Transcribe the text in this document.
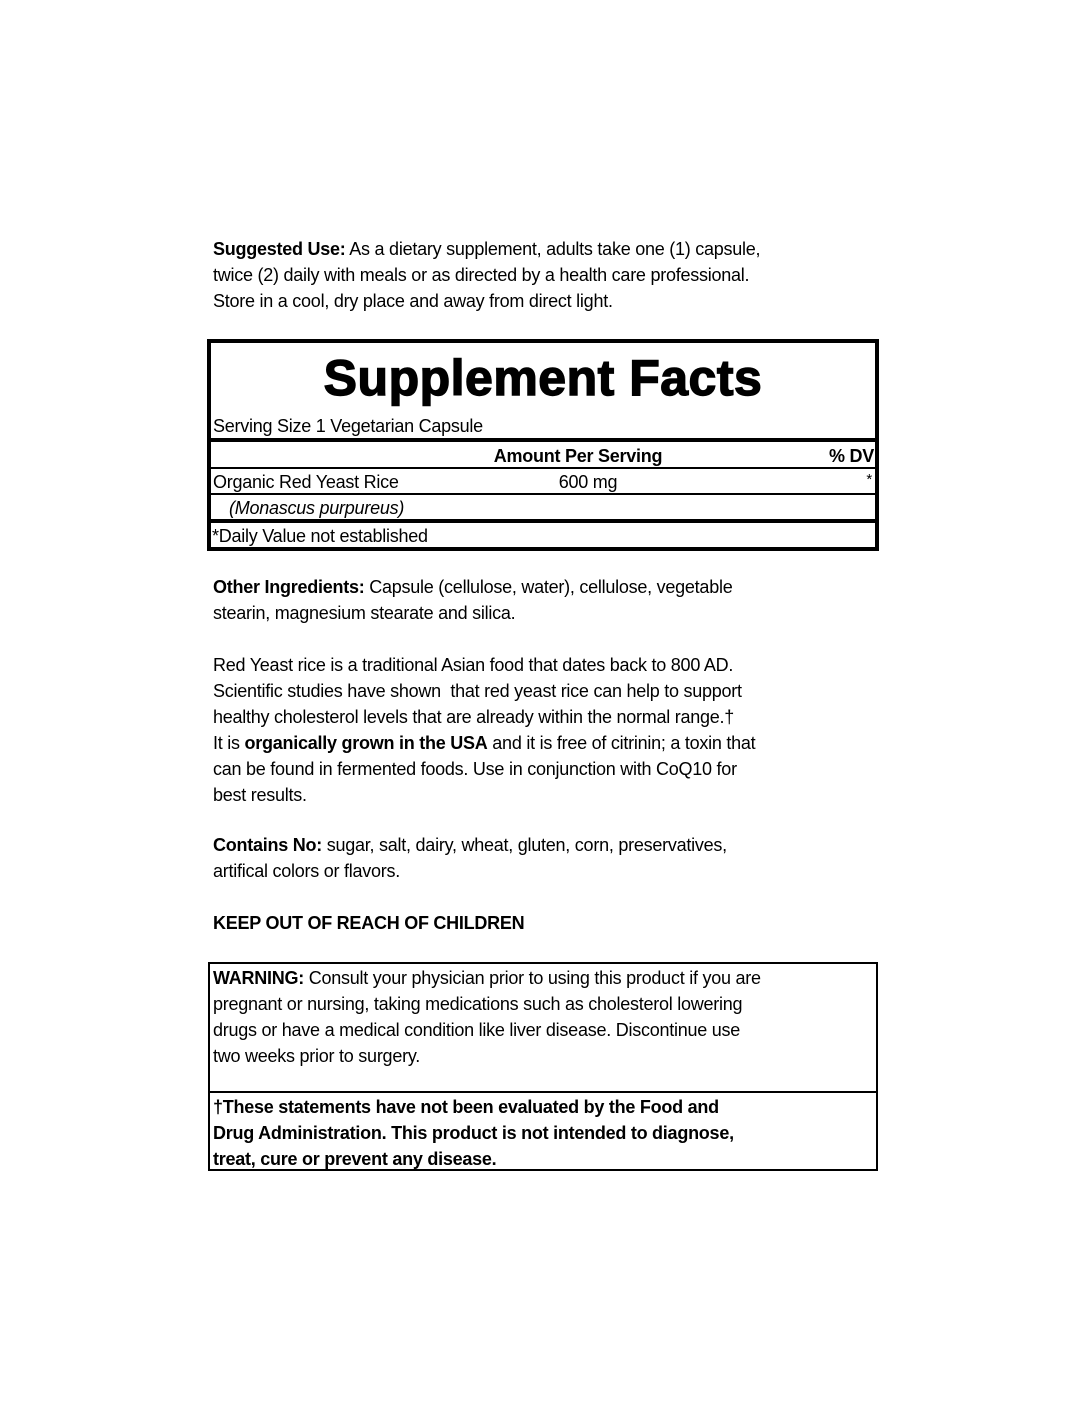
Suggested Use: As a dietary supplement, adults take one (1) capsule,
twice (2) daily with meals or as directed by a health care professional.
Store in a cool, dry place and away from direct light.
Supplement Facts
Serving Size 1 Vegetarian Capsule
Amount Per Serving	% DV
Organic Red Yeast Rice	600 mg	*
(Monascus purpureus)
*Daily Value not established
Other Ingredients: Capsule (cellulose, water), cellulose, vegetable
stearin, magnesium stearate and silica.
Red Yeast rice is a traditional Asian food that dates back to 800 AD.
Scientific studies have shown  that red yeast rice can help to support
healthy cholesterol levels that are already within the normal range.†
It is organically grown in the USA and it is free of citrinin; a toxin that
can be found in fermented foods. Use in conjunction with CoQ10 for
best results.
Contains No: sugar, salt, dairy, wheat, gluten, corn, preservatives,
artifical colors or flavors.
KEEP OUT OF REACH OF CHILDREN
WARNING: Consult your physician prior to using this product if you are
pregnant or nursing, taking medications such as cholesterol lowering
drugs or have a medical condition like liver disease. Discontinue use
two weeks prior to surgery.
†These statements have not been evaluated by the Food and
Drug Administration. This product is not intended to diagnose,
treat, cure or prevent any disease.
